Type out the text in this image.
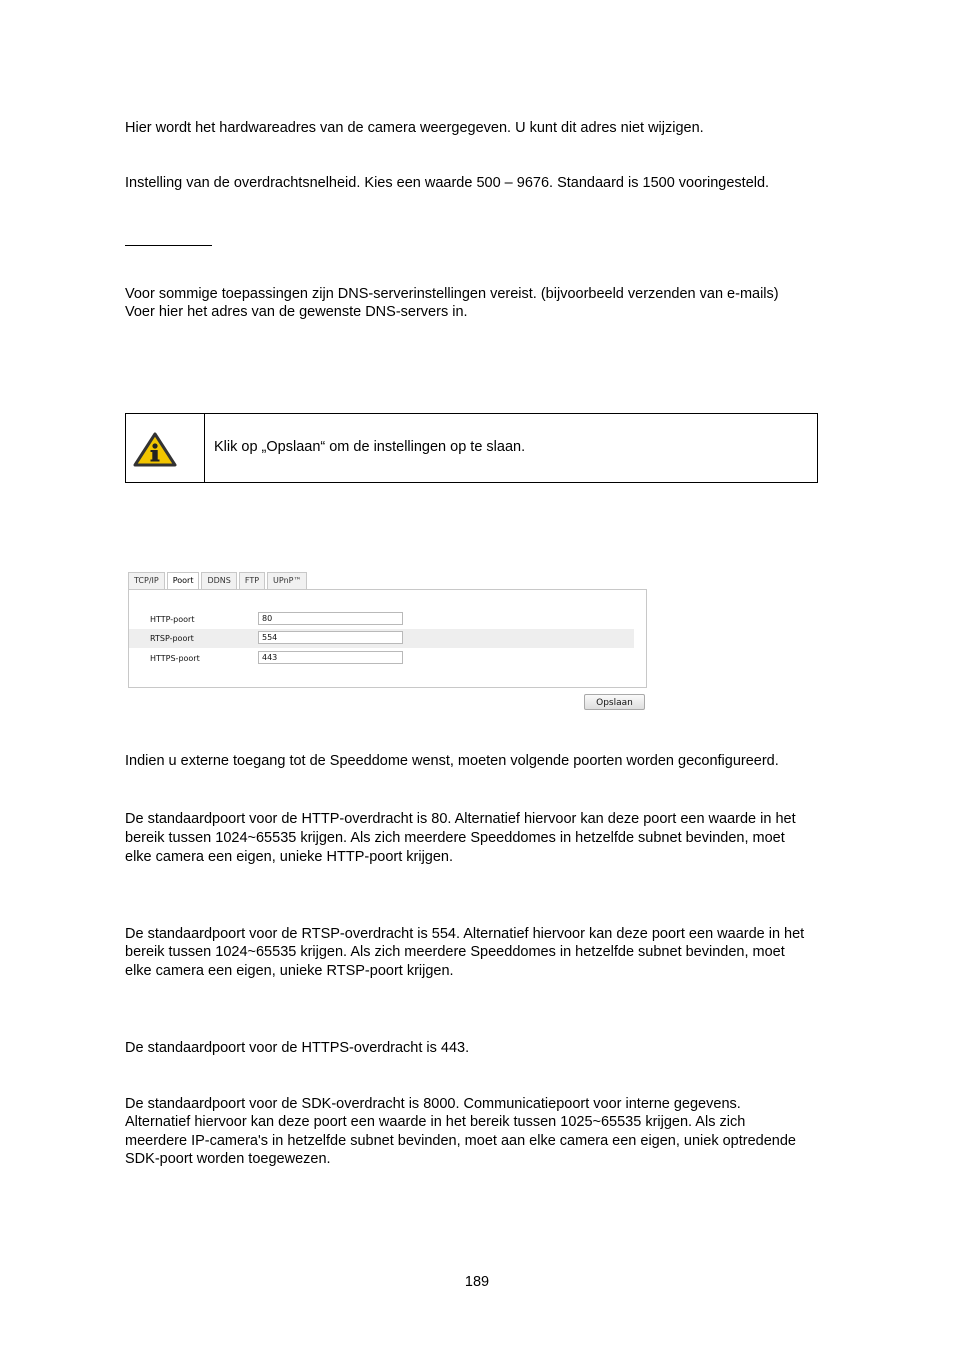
Hier wordt het hardwareadres van de camera weergegeven. U kunt dit adres niet wijzigen.

Instelling van de overdrachtsnelheid. Kies een waarde 500 – 9676. Standaard is 1500 vooringesteld.

Voor sommige toepassingen zijn DNS-serverinstellingen vereist. (bijvoorbeeld verzenden van e-mails)

Voer hier het adres van de gewenste DNS-servers in.

Klik op „Opslaan“ om de instellingen op te slaan.
TCP/IP	Poort	DDNS	FTP	UPnP™
HTTP-poort	80
RTSP-poort	554
HTTPS-poort	443
Opslaan

Indien u externe toegang tot de Speeddome wenst, moeten volgende poorten worden geconfigureerd.

De standaardpoort voor de HTTP-overdracht is 80. Alternatief hiervoor kan deze poort een waarde in het

bereik tussen 1024~65535 krijgen. Als zich meerdere Speeddomes in hetzelfde subnet bevinden, moet

elke camera een eigen, unieke HTTP-poort krijgen.

De standaardpoort voor de RTSP-overdracht is 554. Alternatief hiervoor kan deze poort een waarde in het

bereik tussen 1024~65535 krijgen. Als zich meerdere Speeddomes in hetzelfde subnet bevinden, moet

elke camera een eigen, unieke RTSP-poort krijgen.

De standaardpoort voor de HTTPS-overdracht is 443.

De standaardpoort voor de SDK-overdracht is 8000. Communicatiepoort voor interne gegevens.

Alternatief hiervoor kan deze poort een waarde in het bereik tussen 1025~65535 krijgen. Als zich

meerdere IP-camera's in hetzelfde subnet bevinden, moet aan elke camera een eigen, uniek optredende

SDK-poort worden toegewezen.

189
